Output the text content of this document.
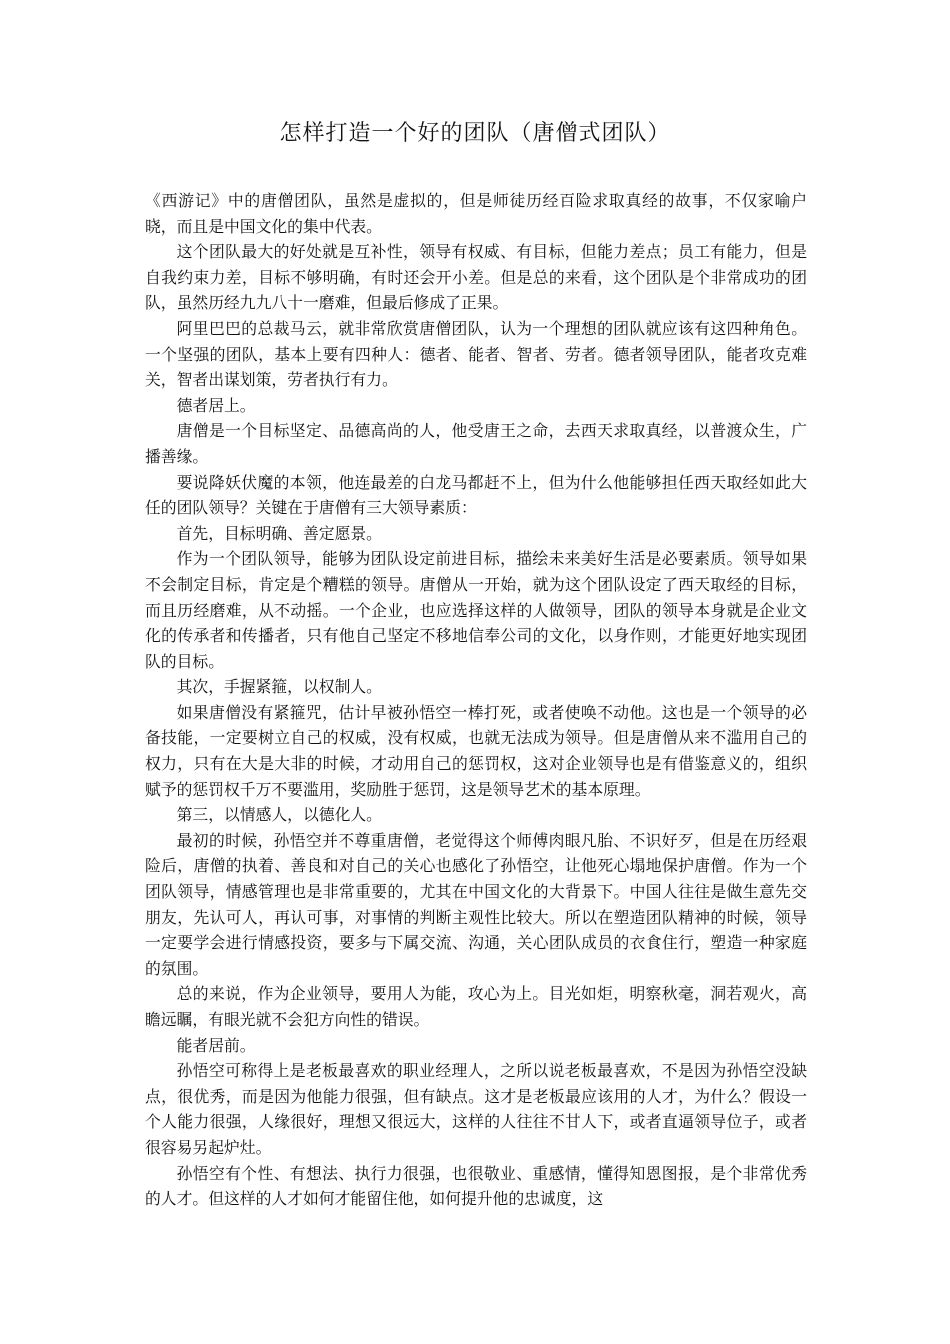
怎样打造一个好的团队（唐僧式团队）

《西游记》中的唐僧团队，虽然是虚拟的，但是师徒历经百险求取真经的故事，不仅家喻户晓，而且是中国文化的集中代表。

这个团队最大的好处就是互补性，领导有权威、有目标，但能力差点；员工有能力，但是自我约束力差，目标不够明确，有时还会开小差。但是总的来看，这个团队是个非常成功的团队，虽然历经九九八十一磨难，但最后修成了正果。

阿里巴巴的总裁马云，就非常欣赏唐僧团队，认为一个理想的团队就应该有这四种角色。一个坚强的团队，基本上要有四种人：德者、能者、智者、劳者。德者领导团队，能者攻克难关，智者出谋划策，劳者执行有力。

德者居上。

唐僧是一个目标坚定、品德高尚的人，他受唐王之命，去西天求取真经，以普渡众生，广播善缘。

要说降妖伏魔的本领，他连最差的白龙马都赶不上，但为什么他能够担任西天取经如此大任的团队领导？关键在于唐僧有三大领导素质：

首先，目标明确、善定愿景。

作为一个团队领导，能够为团队设定前进目标，描绘未来美好生活是必要素质。领导如果不会制定目标，肯定是个糟糕的领导。唐僧从一开始，就为这个团队设定了西天取经的目标，而且历经磨难，从不动摇。一个企业，也应选择这样的人做领导，团队的领导本身就是企业文化的传承者和传播者，只有他自己坚定不移地信奉公司的文化，以身作则，才能更好地实现团队的目标。

其次，手握紧箍，以权制人。

如果唐僧没有紧箍咒，估计早被孙悟空一棒打死，或者使唤不动他。这也是一个领导的必备技能，一定要树立自己的权威，没有权威，也就无法成为领导。但是唐僧从来不滥用自己的权力，只有在大是大非的时候，才动用自己的惩罚权，这对企业领导也是有借鉴意义的，组织赋予的惩罚权千万不要滥用，奖励胜于惩罚，这是领导艺术的基本原理。

第三，以情感人，以德化人。

最初的时候，孙悟空并不尊重唐僧，老觉得这个师傅肉眼凡胎、不识好歹，但是在历经艰险后，唐僧的执着、善良和对自己的关心也感化了孙悟空，让他死心塌地保护唐僧。作为一个团队领导，情感管理也是非常重要的，尤其在中国文化的大背景下。中国人往往是做生意先交朋友，先认可人，再认可事，对事情的判断主观性比较大。所以在塑造团队精神的时候，领导一定要学会进行情感投资，要多与下属交流、沟通，关心团队成员的衣食住行，塑造一种家庭的氛围。

总的来说，作为企业领导，要用人为能，攻心为上。目光如炬，明察秋毫，洞若观火，高瞻远瞩，有眼光就不会犯方向性的错误。

能者居前。

孙悟空可称得上是老板最喜欢的职业经理人，之所以说老板最喜欢，不是因为孙悟空没缺点，很优秀，而是因为他能力很强，但有缺点。这才是老板最应该用的人才，为什么？假设一个人能力很强，人缘很好，理想又很远大，这样的人往往不甘人下，或者直逼领导位子，或者很容易另起炉灶。

孙悟空有个性、有想法、执行力很强，也很敬业、重感情，懂得知恩图报，是个非常优秀的人才。但这样的人才如何才能留住他，如何提升他的忠诚度，这
